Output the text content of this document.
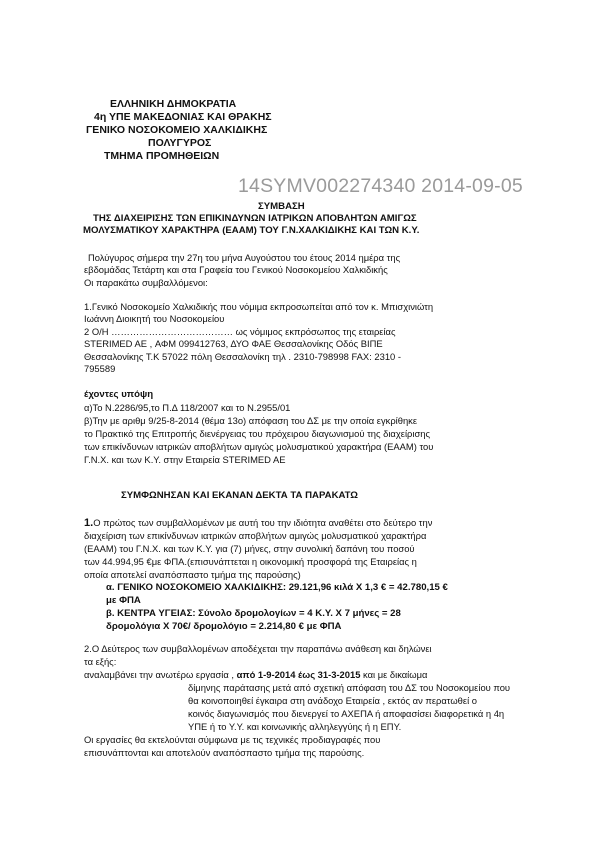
ΕΛΛΗΝΙΚΗ ΔΗΜΟΚΡΑΤΙΑ
4η ΥΠΕ ΜΑΚΕΔΟΝΙΑΣ ΚΑΙ ΘΡΑΚΗΣ
ΓΕΝΙΚΟ ΝΟΣΟΚΟΜΕΙΟ ΧΑΛΚΙΔΙΚΗΣ
ΠΟΛΥΓΥΡΟΣ
ΤΜΗΜΑ ΠΡΟΜΗΘΕΙΩΝ
14SYMV002274340 2014-09-05
ΣΥΜΒΑΣΗ
ΤΗΣ ΔΙΑΧΕΙΡΙΣΗΣ ΤΩΝ ΕΠΙΚΙΝΔΥΝΩΝ ΙΑΤΡΙΚΩΝ ΑΠΟΒΛΗΤΩΝ ΑΜΙΓΩΣ
ΜΟΛΥΣΜΑΤΙΚΟΥ ΧΑΡΑΚΤΗΡΑ (ΕΑΑΜ) ΤΟΥ Γ.Ν.ΧΑΛΚΙΔΙΚΗΣ ΚΑΙ ΤΩΝ Κ.Υ.
Πολύγυρος σήμερα την 27η του μήνα Αυγούστου του έτους 2014 ημέρα της
εβδομάδας Τετάρτη και στα Γραφεία του Γενικού Νοσοκομείου Χαλκιδικής
Οι παρακάτω συμβαλλόμενοι:
1.Γενικό Νοσοκομείο Χαλκιδικής που νόμιμα εκπροσωπείται από τον κ. Μπισχινιώτη
Ιωάννη Διοικητή του Νοσοκομείου
2 Ο/Η ………………………………… ως νόμιμος εκπρόσωπος της εταιρείας
STERIMED AE , ΑΦΜ 099412763, ΔΥΟ ΦΑΕ Θεσσαλονίκης Οδός ΒΙΠΕ
Θεσσαλονίκης Τ.Κ 57022 πόλη Θεσσαλονίκη τηλ . 2310-798998 FAX: 2310 -
795589
έχοντες υπόψη
α)Το Ν.2286/95,το Π.Δ 118/2007 και το Ν.2955/01
β)Την με αριθμ 9/25-8-2014 (θέμα 13ο) απόφαση του ΔΣ με την οποία εγκρίθηκε
το Πρακτικό της Επιτροπής διενέργειας του πρόχειρου διαγωνισμού της διαχείρισης
των επικίνδυνων ιατρικών αποβλήτων αμιγώς μολυσματικού χαρακτήρα (ΕΑΑΜ) του
Γ.Ν.Χ. και των Κ.Υ. στην Εταιρεία STERIMED AE
ΣΥΜΦΩΝΗΣΑΝ ΚΑΙ ΕΚΑΝΑΝ ΔΕΚΤΑ ΤΑ ΠΑΡΑΚΑΤΩ
1.Ο πρώτος των συμβαλλομένων με αυτή του την ιδιότητα αναθέτει στο δεύτερο την
διαχείριση των επικίνδυνων ιατρικών αποβλήτων αμιγώς μολυσματικού χαρακτήρα
(ΕΑΑΜ) του Γ.Ν.Χ. και των Κ.Υ. για (7) μήνες, στην συνολική δαπάνη του ποσού
των 44.994,95 €με ΦΠΑ.(επισυνάπτεται η οικονομική προσφορά της Εταιρείας η
οποία αποτελεί αναπόσπαστο τμήμα της παρούσης)
α. ΓΕΝΙΚΟ ΝΟΣΟΚΟΜΕΙΟ ΧΑΛΚΙΔΙΚΗΣ: 29.121,96 κιλά Χ 1,3 € = 42.780,15 €
με ΦΠΑ
β. ΚΕΝΤΡΑ ΥΓΕΙΑΣ: Σύνολο δρομολογίων = 4 Κ.Υ. Χ 7 μήνες = 28
δρομολόγια Χ 70€/ δρομολόγιο = 2.214,80 € με ΦΠΑ
2.Ο Δεύτερος των συμβαλλομένων αποδέχεται την παραπάνω ανάθεση και δηλώνει
τα εξής:
αναλαμβάνει την ανωτέρω εργασία , από 1-9-2014 έως 31-3-2015 και με δικαίωμα
δίμηνης παράτασης μετά από σχετική απόφαση του ΔΣ του Νοσοκομείου που
θα κοινοποιηθεί έγκαιρα στη ανάδοχο Εταιρεία , εκτός αν περατωθεί ο
κοινός διαγωνισμός που διενεργεί το ΑΧΕΠΑ ή αποφασίσει διαφορετικά η 4η
ΥΠΕ ή το Υ.Υ. και κοινωνικής αλληλεγγύης ή η ΕΠΥ.
Οι εργασίες θα εκτελούνται σύμφωνα με τις τεχνικές προδιαγραφές που
επισυνάπτονται και αποτελούν αναπόσπαστο τμήμα της παρούσης.
